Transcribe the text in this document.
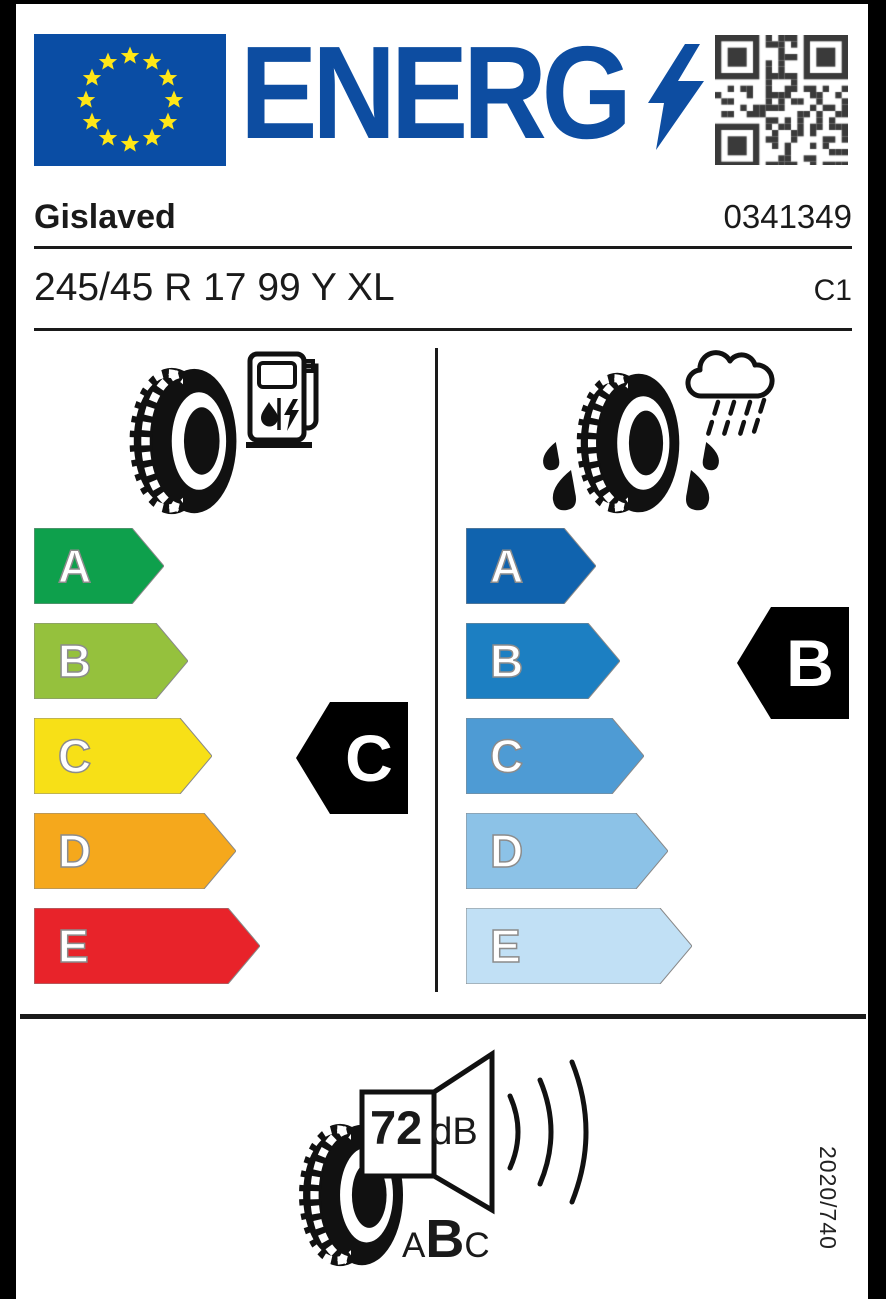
ENERG
Gislaved	0341349
245/45 R 17 99 Y XL	C1
A
B
C
D
E
C
A
B
C
D
E
B
72 dB
A B C	2020/740
